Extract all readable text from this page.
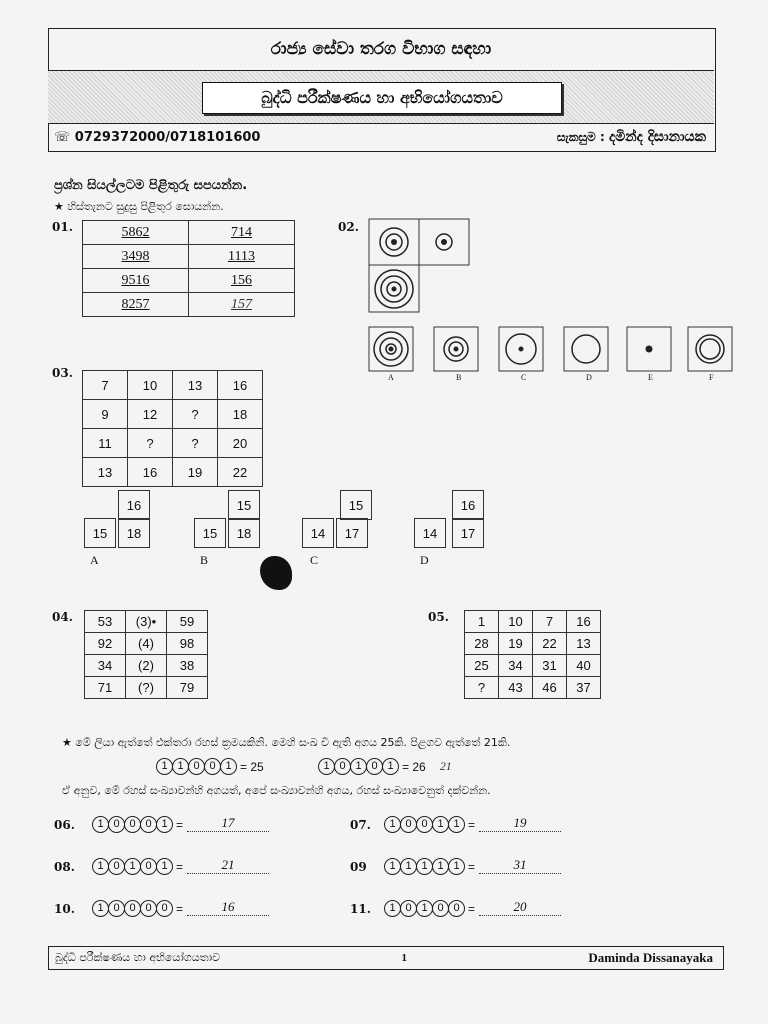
රාජ්‍ය සේවා තරග විභාග සඳහා
බුද්ධි පරීක්ෂණය හා අභියෝගයතාව
☏ 0729372000/0718101600	සැකසුම : දමින්ද දිසානායක
ප්‍රශ්න සියල්ලටම පිළිතුරු සපයන්න.
★ හිස්තැනට සුදුසු පිළිතුර සොයන්න.
01.	5862	714
3498	1113
9516	156
8257	157
02.
A	B	C	D	E	F
03.
7	10	13	16
9	12	?	18
11	?	?	20
13	16	19	22
16
15	18
A
15
15	18
B
15
14	17
C
16
14	17
D
04. 53	(3)•	59
92	(4)	98
34	(2)	38
71	(?)	79
05. 1	10	7	16
28	19	22	13
25	34	31	40
?	43	46	37
★ මේ ලියා ඇත්තේ එක්තරා රහස් ක්‍රමයකිනි. මෙහි සංඛ වී ඇති අගය 25කි. පිළගව ඇත්තේ 21කි.
1 1 0 0 1 = 25	1 0 1 0 1 = 26 21
ඒ අනුව, මේ රහස් සංඛ්‍යාවන්හි අගයත්, අපේ සංඛ්‍යාවන්හි අගය, රහස් සංඛ්‍යාවෙනුත් දක්වන්න.
06.	1 0 0 0 1 =	17	07.	1 0 0 1 1 =	19
08.	1 0 1 0 1 =	21	09	1 1 1 1 1 =	31
10.	1 0 0 0 0 =	16	11.	1 0 1 0 0 =	20
බුද්ධි පරීක්ෂණය හා අභියෝගයතාව	1	Daminda Dissanayaka
